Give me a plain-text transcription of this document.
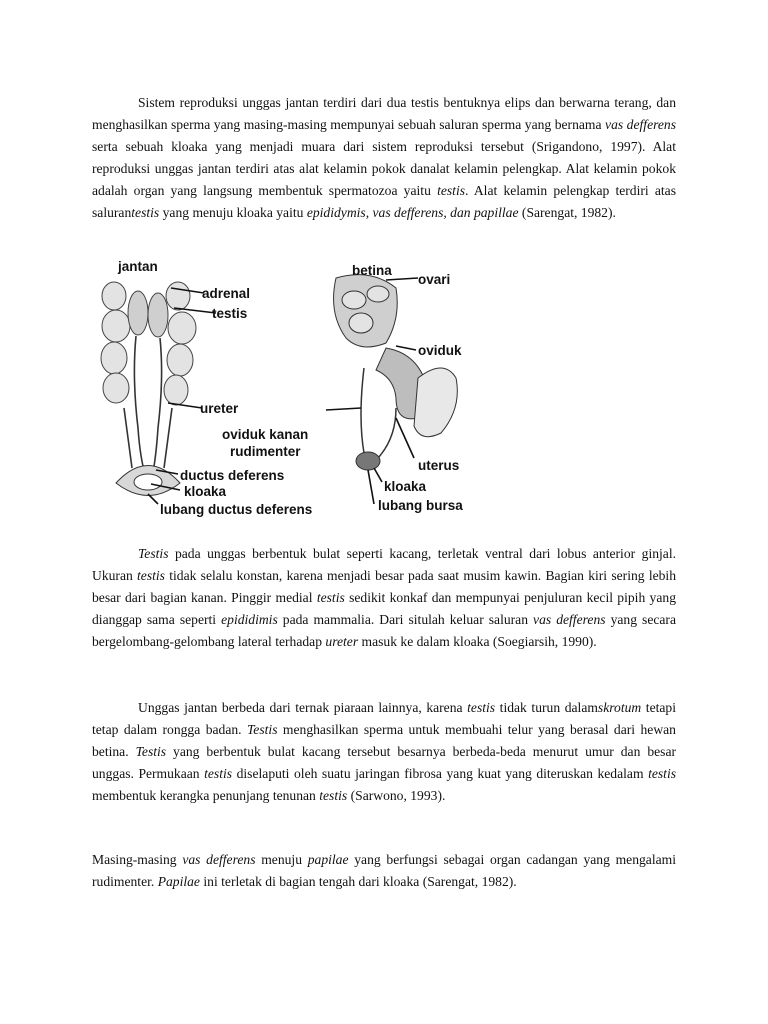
Sistem reproduksi unggas jantan terdiri dari dua testis bentuknya elips dan berwarna terang, dan menghasilkan sperma yang masing-masing mempunyai sebuah saluran sperma yang bernama vas defferens serta sebuah kloaka yang menjadi muara dari sistem reproduksi tersebut (Srigandono, 1997). Alat reproduksi unggas jantan terdiri atas alat kelamin pokok danalat kelamin pelengkap. Alat kelamin pokok adalah organ yang langsung membentuk spermatozoa yaitu testis. Alat kelamin pelengkap terdiri atas salurantestis yang menuju kloaka yaitu epididymis, vas defferens, dan papillae (Sarengat, 1982).
jantan
adrenal
testis
ureter
ductus deferens
kloaka
lubang ductus deferens
betina
ovari
oviduk
oviduk kanan
rudimenter
uterus
kloaka
lubang bursa
Testis pada unggas berbentuk bulat seperti kacang, terletak ventral dari lobus anterior ginjal. Ukuran testis tidak selalu konstan, karena menjadi besar pada saat musim kawin. Bagian kiri sering lebih besar dari bagian kanan. Pinggir medial testis sedikit konkaf dan mempunyai penjuluran kecil pipih yang dianggap sama seperti epididimis pada mammalia. Dari situlah keluar saluran vas defferens yang secara bergelombang-gelombang lateral terhadap ureter masuk ke dalam kloaka (Soegiarsih, 1990).
Unggas jantan berbeda dari ternak piaraan lainnya, karena testis tidak turun dalamskrotum tetapi tetap dalam rongga badan. Testis menghasilkan sperma untuk membuahi telur yang berasal dari hewan betina. Testis yang berbentuk bulat kacang tersebut besarnya berbeda-beda menurut umur dan besar unggas. Permukaan testis diselaputi oleh suatu jaringan fibrosa yang kuat yang diteruskan kedalam testis membentuk kerangka penunjang tenunan testis (Sarwono, 1993).
Masing-masing vas defferens menuju papilae yang berfungsi sebagai organ cadangan yang mengalami rudimenter. Papilae ini terletak di bagian tengah dari kloaka (Sarengat, 1982).
